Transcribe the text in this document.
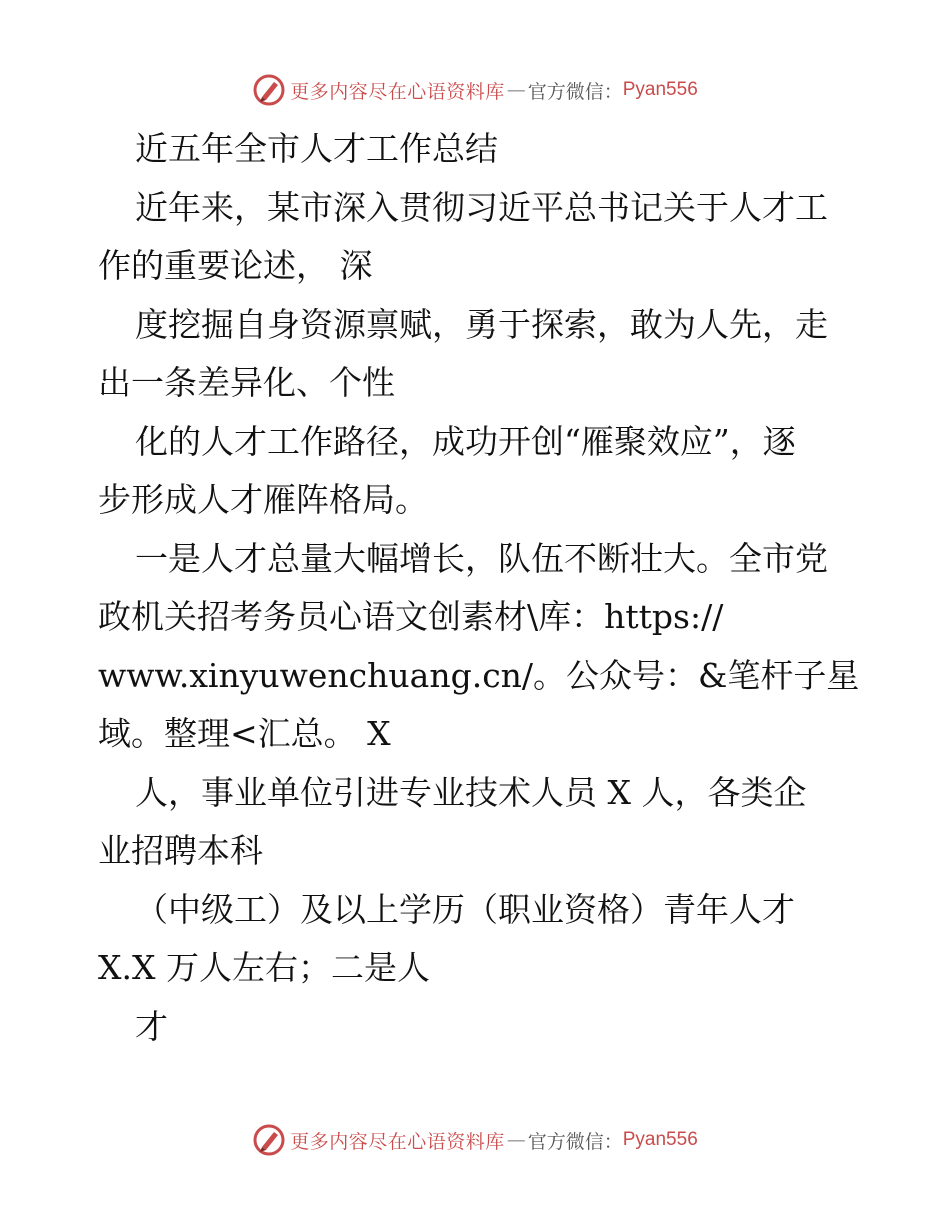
更多内容尽在心语资料库 — 官方微信： Pyan556
近五年全市人才工作总结
近年来，某市深入贯彻习近平总书记关于人才工
作的重要论述， 深
度挖掘自身资源禀赋，勇于探索，敢为人先，走
出一条差异化、个性
化的人才工作路径，成功开创“雁聚效应”，逐
步形成人才雁阵格局。
一是人才总量大幅增长，队伍不断壮大。全市党
政机关招考务员心语文创素材\库：https://
www.xinyuwenchuang.cn/。公众号：&笔杆子星
域。整理<汇总。 X
人，事业单位引进专业技术人员 X 人，各类企
业招聘本科
（中级工）及以上学历（职业资格）青年人才
X.X 万人左右；二是人
才
更多内容尽在心语资料库 — 官方微信： Pyan556
